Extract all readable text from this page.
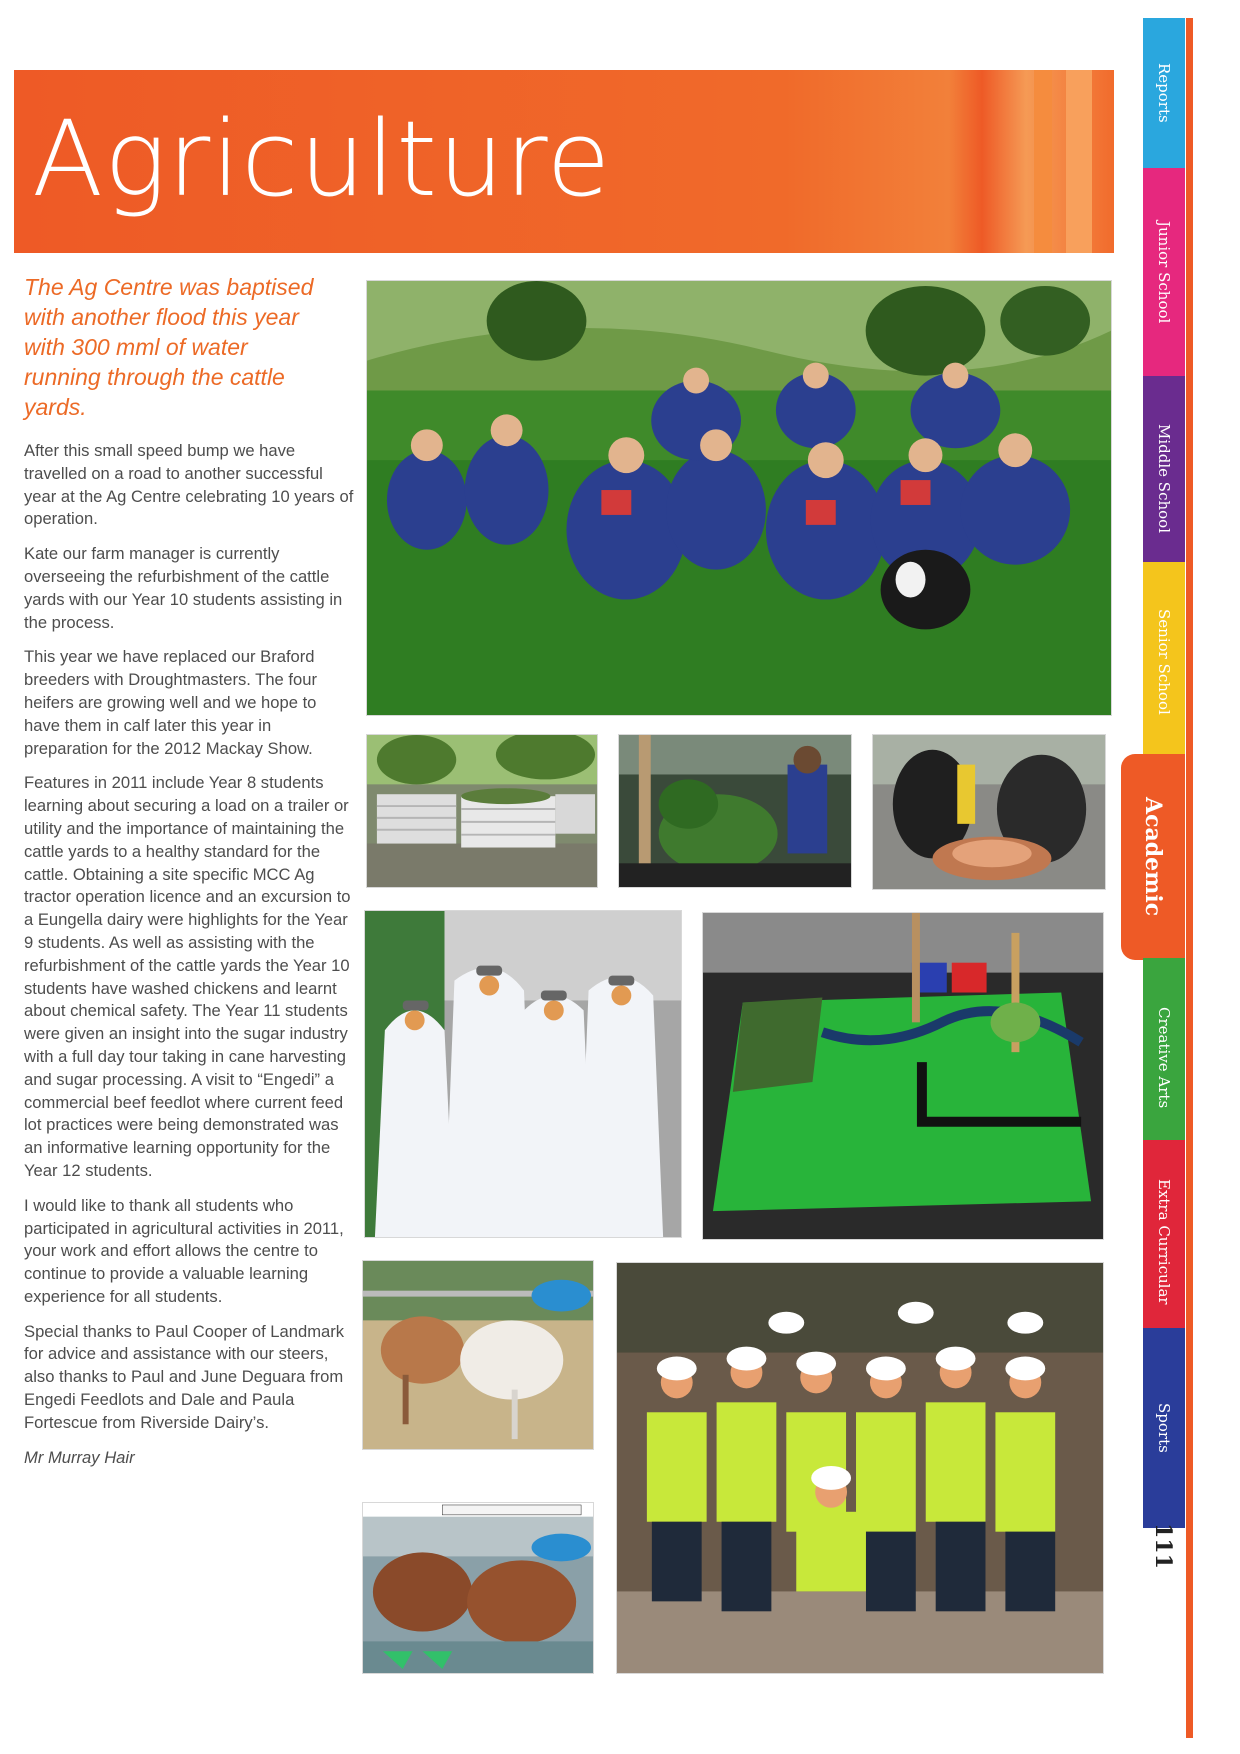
Agriculture
The Ag Centre was baptised with another flood this year with 300 mml of water running through the cattle yards.

After this small speed bump we have travelled on a road to another successful year at the Ag Centre celebrating 10 years of operation.

Kate our farm manager is currently overseeing the refurbishment of the cattle yards with our Year 10 students assisting in the process.

This year we have replaced our Braford breeders with Droughtmasters. The four heifers are growing well and we hope to have them in calf later this year in preparation for the 2012 Mackay Show.

Features in 2011 include Year 8 students learning about securing a load on a trailer or utility and the importance of maintaining the cattle yards to a healthy standard for the cattle. Obtaining a site specific MCC Ag tractor operation licence and an excursion to a Eungella dairy were highlights for the Year 9 students. As well as assisting with the refurbishment of the cattle yards the Year 10 students have washed chickens and learnt about chemical safety. The Year 11 students were given an insight into the sugar industry with a full day tour taking in cane harvesting and sugar processing. A visit to “Engedi” a commercial beef feedlot where current feed lot practices were being demonstrated was an informative learning opportunity for the Year 12 students.

I would like to thank all students who participated in agricultural activities in 2011, your work and effort allows the centre to continue to provide a valuable learning experience for all students.

Special thanks to Paul Cooper of Landmark for advice and assistance with our steers, also thanks to Paul and June Deguara from Engedi Feedlots and Dale and Paula Fortescue from Riverside Dairy’s.

Mr Murray Hair

Reports
Junior School
Middle School
Senior School
Academic
Creative Arts
Extra Curricular
Sports
111
